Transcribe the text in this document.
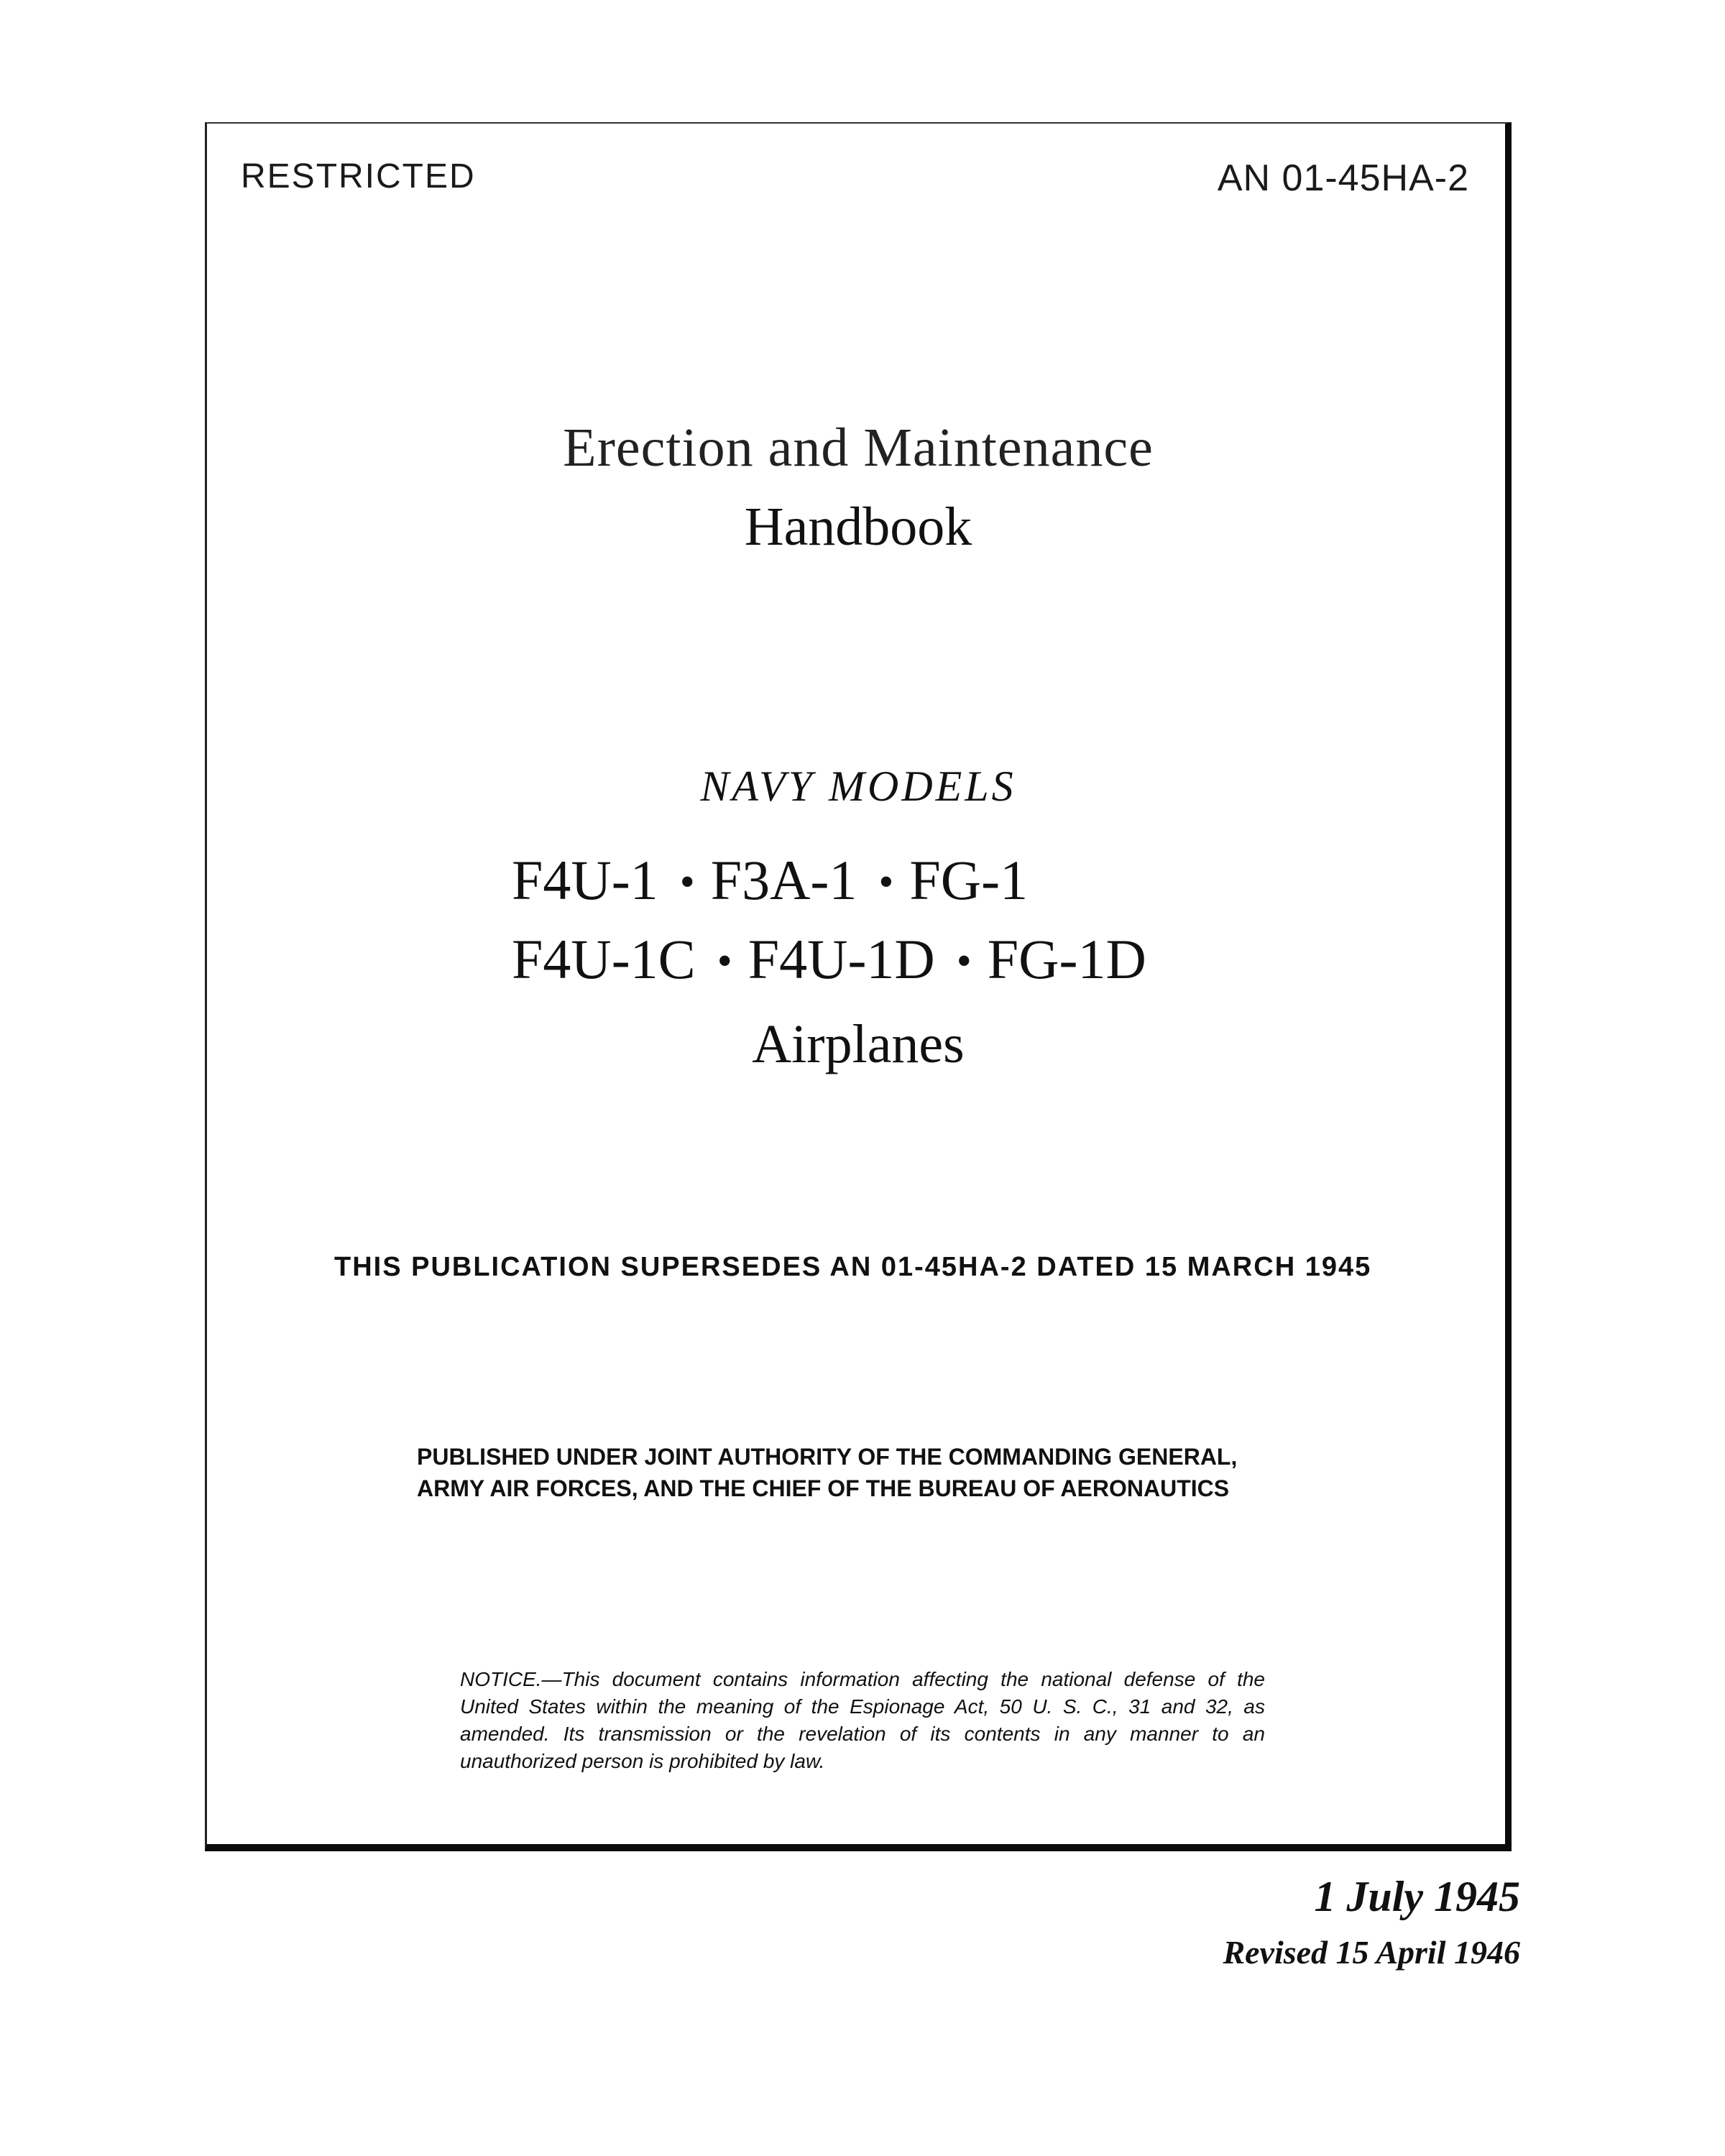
RESTRICTED	AN 01-45HA-2
Erection and Maintenance
Handbook
NAVY MODELS
F4U-1 • F3A-1 • FG-1
F4U-1C • F4U-1D • FG-1D
Airplanes
THIS PUBLICATION SUPERSEDES AN 01-45HA-2 DATED 15 MARCH 1945
PUBLISHED UNDER JOINT AUTHORITY OF THE COMMANDING GENERAL,
ARMY AIR FORCES, AND THE CHIEF OF THE BUREAU OF AERONAUTICS
NOTICE.—This document contains information affecting the national defense of the United States within the meaning of the Espionage Act, 50 U. S. C., 31 and 32, as amended. Its transmission or the revelation of its contents in any manner to an unauthorized person is prohibited by law.
1 July 1945
Revised 15 April 1946
